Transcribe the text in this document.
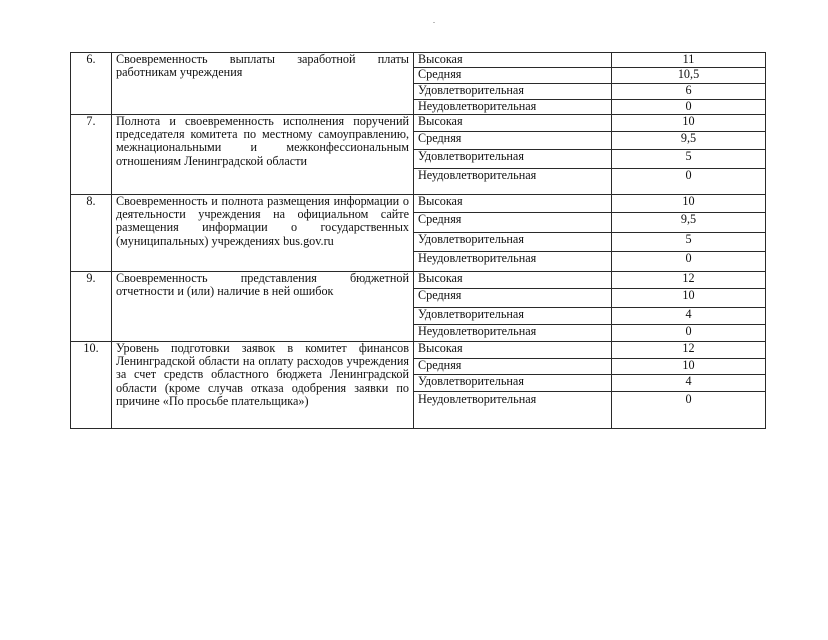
6.	Своевременность выплаты заработной платы работникам учреждения	Высокая	11
		Средняя	10,5
		Удовлетворительная	6
		Неудовлетворительная	0
7.	Полнота и своевременность исполнения поручений председателя комитета по местному самоуправлению, межнациональными и межконфессиональным отношениям Ленинградской области	Высокая	10
		Средняя	9,5
		Удовлетворительная	5
		Неудовлетворительная	0
8.	Своевременность и полнота размещения информации о деятельности учреждения на официальном сайте размещения информации о государственных (муниципальных) учреждениях bus.gov.ru	Высокая	10
		Средняя	9,5
		Удовлетворительная	5
		Неудовлетворительная	0
9.	Своевременность представления бюджетной отчетности и (или) наличие в ней ошибок	Высокая	12
		Средняя	10
		Удовлетворительная	4
		Неудовлетворительная	0
10.	Уровень подготовки заявок в комитет финансов Ленинградской области на оплату расходов учреждения за счет средств областного бюджета Ленинградской области (кроме случав отказа одобрения заявки по причине «По просьбе плательщика»)	Высокая	12
		Средняя	10
		Удовлетворительная	4
		Неудовлетворительная	0
